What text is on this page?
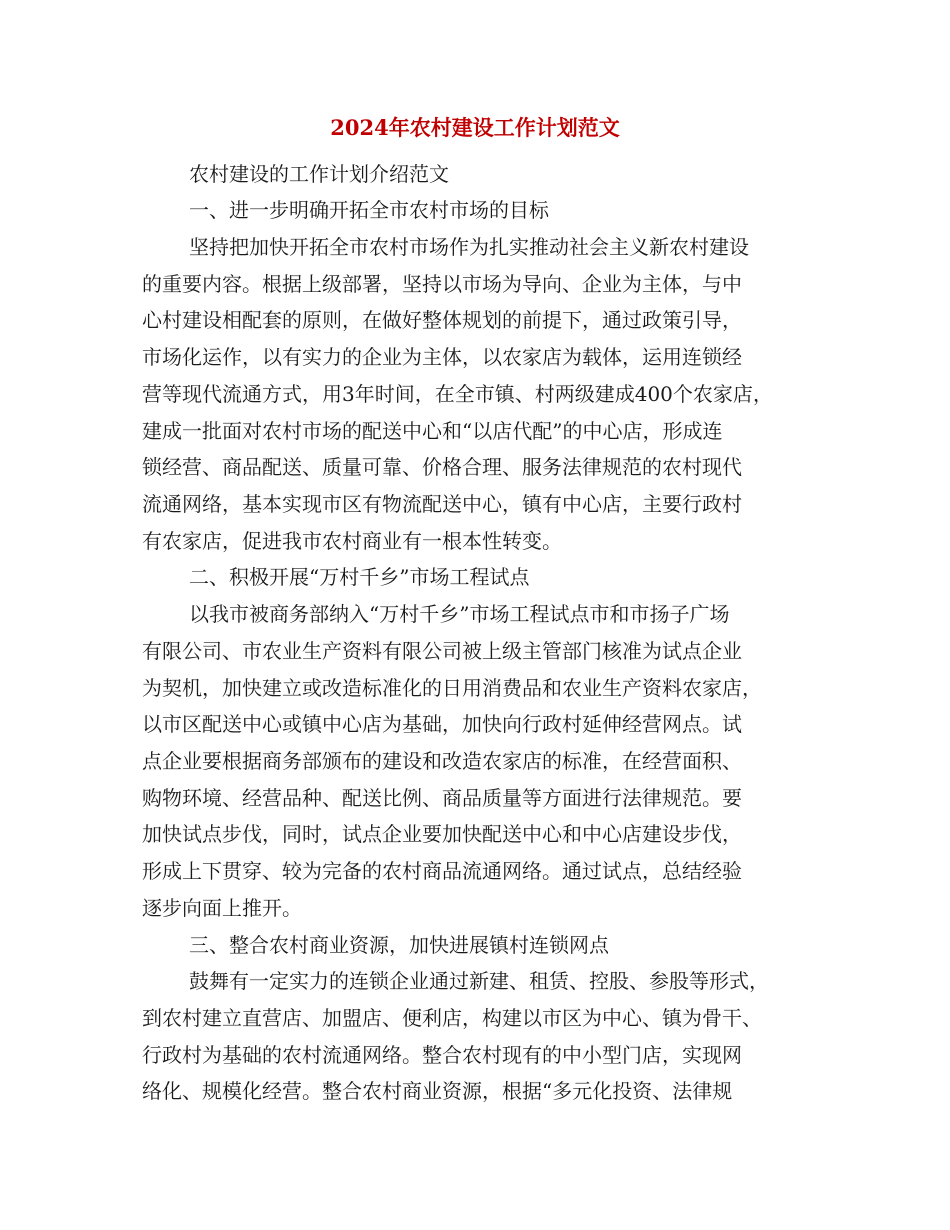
2024年农村建设工作计划范文

农村建设的工作计划介绍范文

一、进一步明确开拓全市农村市场的目标

坚持把加快开拓全市农村市场作为扎实推动社会主义新农村建设

的重要内容。根据上级部署，坚持以市场为导向、企业为主体，与中

心村建设相配套的原则，在做好整体规划的前提下，通过政策引导，

市场化运作，以有实力的企业为主体，以农家店为载体，运用连锁经

营等现代流通方式，用3年时间，在全市镇、村两级建成400个农家店，

建成一批面对农村市场的配送中心和“以店代配”的中心店，形成连

锁经营、商品配送、质量可靠、价格合理、服务法律规范的农村现代

流通网络，基本实现市区有物流配送中心，镇有中心店，主要行政村

有农家店，促进我市农村商业有一根本性转变。

二、积极开展“万村千乡”市场工程试点

以我市被商务部纳入“万村千乡”市场工程试点市和市扬子广场

有限公司、市农业生产资料有限公司被上级主管部门核准为试点企业

为契机，加快建立或改造标准化的日用消费品和农业生产资料农家店，

以市区配送中心或镇中心店为基础，加快向行政村延伸经营网点。试

点企业要根据商务部颁布的建设和改造农家店的标准，在经营面积、

购物环境、经营品种、配送比例、商品质量等方面进行法律规范。要

加快试点步伐，同时，试点企业要加快配送中心和中心店建设步伐，

形成上下贯穿、较为完备的农村商品流通网络。通过试点，总结经验

逐步向面上推开。

三、整合农村商业资源，加快进展镇村连锁网点

鼓舞有一定实力的连锁企业通过新建、租赁、控股、参股等形式，

到农村建立直营店、加盟店、便利店，构建以市区为中心、镇为骨干、

行政村为基础的农村流通网络。整合农村现有的中小型门店，实现网

络化、规模化经营。整合农村商业资源，根据“多元化投资、法律规
